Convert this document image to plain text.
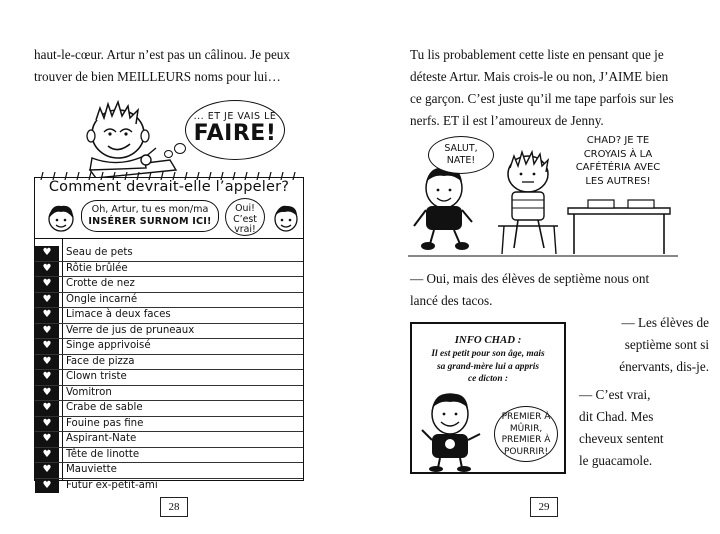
haut-le-cœur. Artur n’est pas un câlinou. Je peux
trouver de bien MEILLEURS noms pour lui…

... ET JE VAIS LE
FAIRE!
Comment devrait-elle l’appeler?
Oh, Artur, tu es mon/ma
INSÉRER SURNOM ICI!
Oui!
C’est
vrai!
♥	Seau de pets
♥	Rôtie brûlée
♥	Crotte de nez
♥	Ongle incarné
♥	Limace à deux faces
♥	Verre de jus de pruneaux
♥	Singe apprivoisé
♥	Face de pizza
♥	Clown triste
♥	Vomitron
♥	Crabe de sable
♥	Fouine pas fine
♥	Aspirant-Nate
♥	Tête de linotte
♥	Mauviette
♥	Futur ex-petit-ami
28

Tu lis probablement cette liste en pensant que je
déteste Artur. Mais crois-le ou non, J’AIME bien
ce garçon. C’est juste qu’il me tape parfois sur les
nerfs. ET il est l’amoureux de Jenny.

SALUT,
NATE!
CHAD? JE TE
CROYAIS À LA
CAFÉTÉRIA AVEC
LES AUTRES!

— Oui, mais des élèves de septième nous ont
lancé des tacos.

— Les élèves de
septième sont si
énervants, dis-je.

— C’est vrai,
dit Chad. Mes
cheveux sentent
le guacamole.

INFO CHAD :
Il est petit pour son âge, mais
sa grand-mère lui a appris
ce dicton :
PREMIER À
MÛRIR,
PREMIER À
POURRIR!
29
